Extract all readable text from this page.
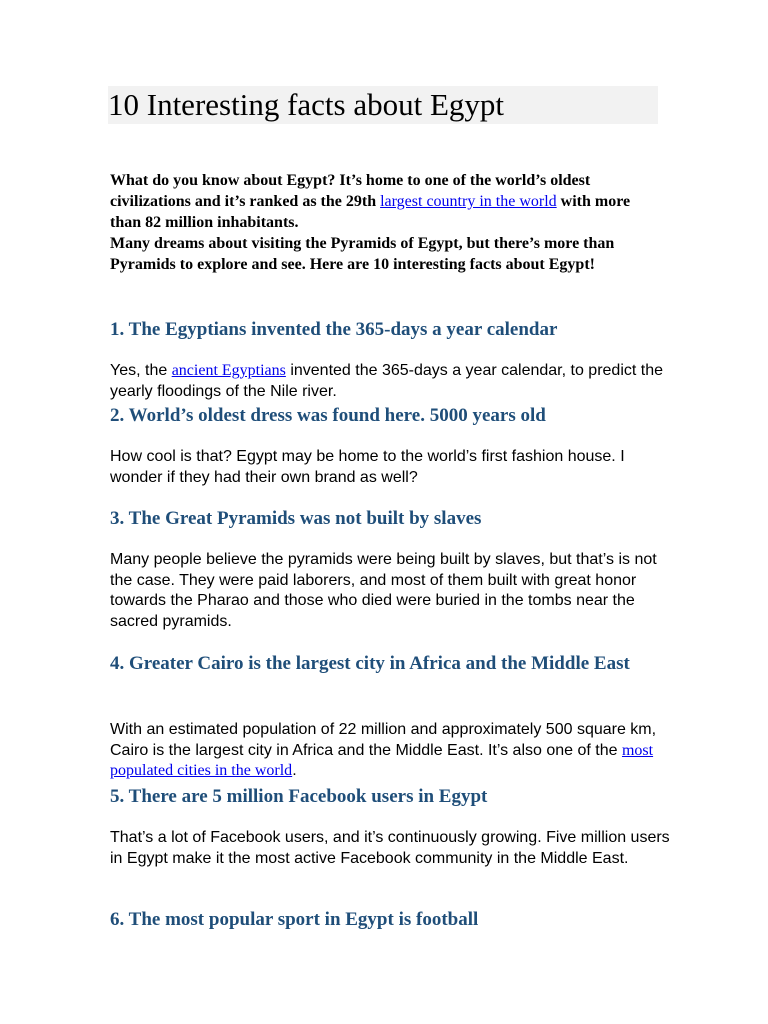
10 Interesting facts about Egypt
What do you know about Egypt? It’s home to one of the world’s oldest civilizations and it’s ranked as the 29th largest country in the world with more than 82 million inhabitants.
Many dreams about visiting the Pyramids of Egypt, but there’s more than Pyramids to explore and see. Here are 10 interesting facts about Egypt!
1. The Egyptians invented the 365-days a year calendar

Yes, the ancient Egyptians invented the 365-days a year calendar, to predict the yearly floodings of the Nile river.

2. World’s oldest dress was found here. 5000 years old

How cool is that? Egypt may be home to the world’s first fashion house. I wonder if they had their own brand as well?

3. The Great Pyramids was not built by slaves

Many people believe the pyramids were being built by slaves, but that’s is not the case. They were paid laborers, and most of them built with great honor towards the Pharao and those who died were buried in the tombs near the sacred pyramids.

4. Greater Cairo is the largest city in Africa and the Middle East

With an estimated population of 22 million and approximately 500 square km, Cairo is the largest city in Africa and the Middle East. It’s also one of the most populated cities in the world.

5. There are 5 million Facebook users in Egypt

That’s a lot of Facebook users, and it’s continuously growing. Five million users in Egypt make it the most active Facebook community in the Middle East.

6. The most popular sport in Egypt is football
